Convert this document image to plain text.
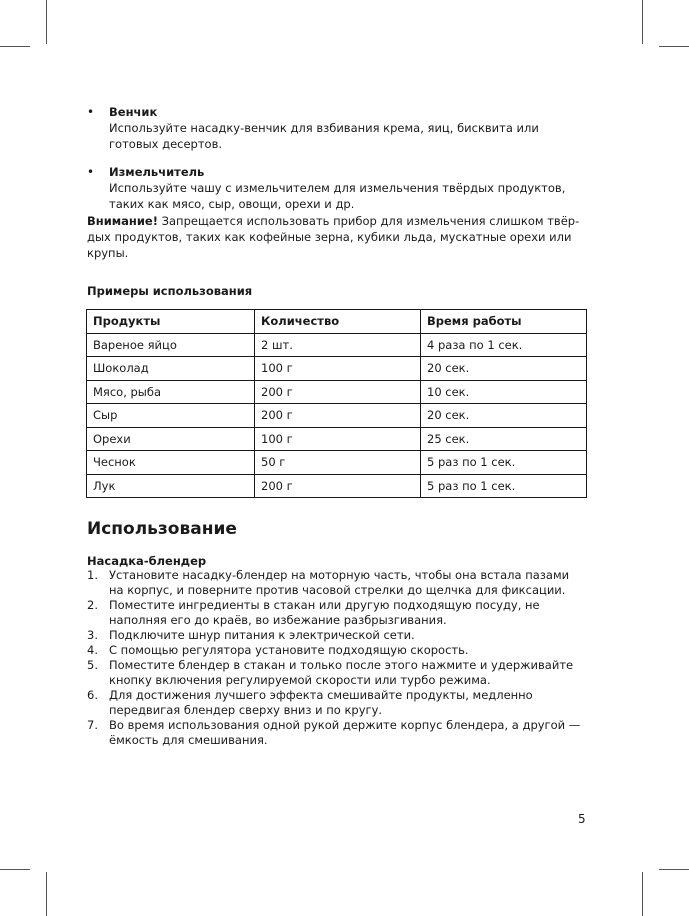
• Венчик
Используйте насадку-венчик для взбивания крема, яиц, бисквита или готовых десертов.
• Измельчитель
Используйте чашу с измельчителем для измельчения твёрдых продуктов, таких как мясо, сыр, овощи, орехи и др.
Внимание! Запрещается использовать прибор для измельчения слишком твёр-дых продуктов, таких как кофейные зерна, кубики льда, мускатные орехи или крупы.
Примеры использования
Продукты	Количество	Время работы
Вареное яйцо	2 шт.	4 раза по 1 сек.
Шоколад	100 г	20 сек.
Мясо, рыба	200 г	10 сек.
Сыр	200 г	20 сек.
Орехи	100 г	25 сек.
Чеснок	50 г	5 раз по 1 сек.
Лук	200 г	5 раз по 1 сек.
Использование
Насадка-блендер
1. Установите насадку-блендер на моторную часть, чтобы она встала пазами на корпус, и поверните против часовой стрелки до щелчка для фиксации.
2. Поместите ингредиенты в стакан или другую подходящую посуду, не наполняя его до краёв, во избежание разбрызгивания.
3. Подключите шнур питания к электрической сети.
4. С помощью регулятора установите подходящую скорость.
5. Поместите блендер в стакан и только после этого нажмите и удерживайте кнопку включения регулируемой скорости или турбо режима.
6. Для достижения лучшего эффекта смешивайте продукты, медленно передвигая блендер сверху вниз и по кругу.
7. Во время использования одной рукой держите корпус блендера, а другой — ёмкость для смешивания.
5
